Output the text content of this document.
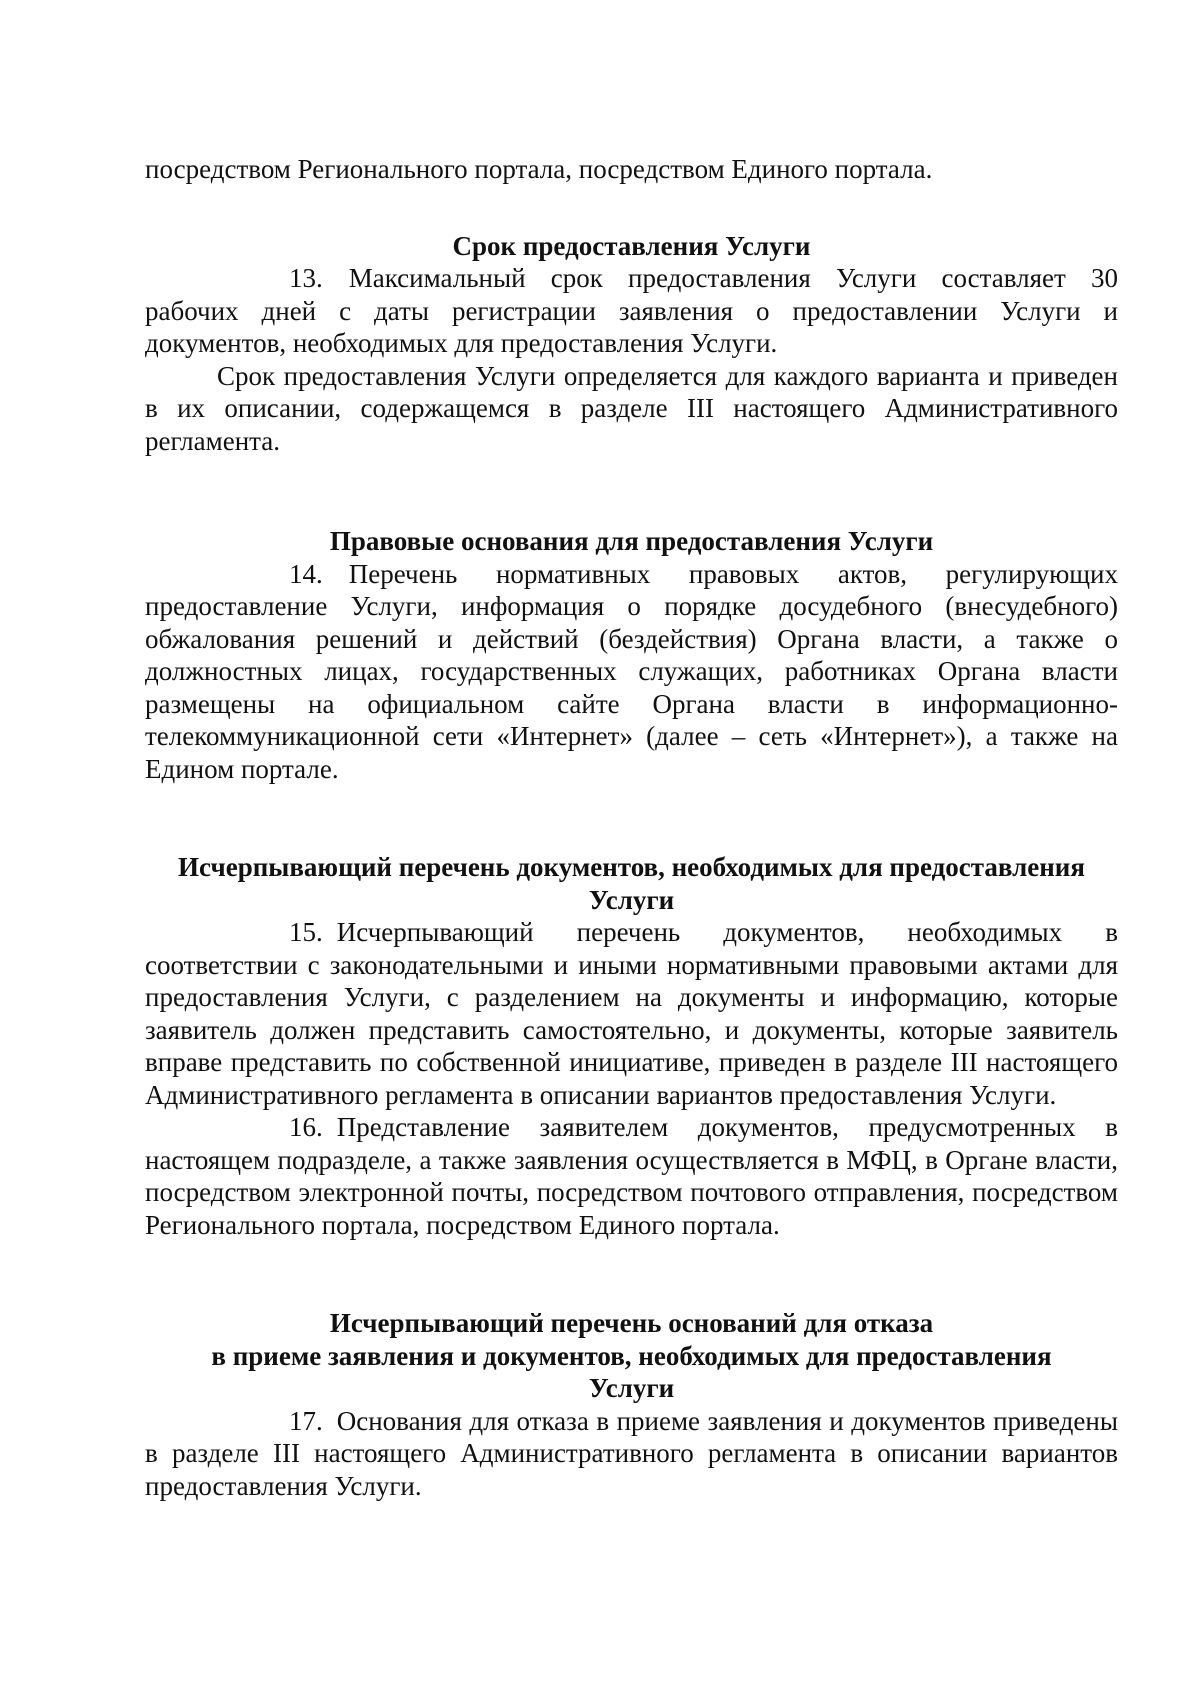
посредством Регионального портала, посредством Единого портала.

Срок предоставления Услуги

13. Максимальный срок предоставления Услуги составляет 30 рабочих дней с даты регистрации заявления о предоставлении Услуги и документов, необходимых для предоставления Услуги.

Срок предоставления Услуги определяется для каждого варианта и приведен в их описании, содержащемся в разделе III настоящего Административного регламента.

Правовые основания для предоставления Услуги

14. Перечень нормативных правовых актов, регулирующих предоставление Услуги, информация о порядке досудебного (внесудебного) обжалования решений и действий (бездействия) Органа власти, а также о должностных лицах, государственных служащих, работниках Органа власти размещены на официальном сайте Органа власти в информационно-телекоммуникационной сети «Интернет» (далее – сеть «Интернет»), а также на Едином портале.

Исчерпывающий перечень документов, необходимых для предоставления

Услуги

15. Исчерпывающий перечень документов, необходимых в соответствии с законодательными и иными нормативными правовыми актами для предоставления Услуги, с разделением на документы и информацию, которые заявитель должен представить самостоятельно, и документы, которые заявитель вправе представить по собственной инициативе, приведен в разделе III настоящего Административного регламента в описании вариантов предоставления Услуги.

16. Представление заявителем документов, предусмотренных в настоящем подразделе, а также заявления осуществляется в МФЦ, в Органе власти, посредством электронной почты, посредством почтового отправления, посредством Регионального портала, посредством Единого портала.

Исчерпывающий перечень оснований для отказа

в приеме заявления и документов, необходимых для предоставления

Услуги

17. Основания для отказа в приеме заявления и документов приведены в разделе III настоящего Административного регламента в описании вариантов предоставления Услуги.
